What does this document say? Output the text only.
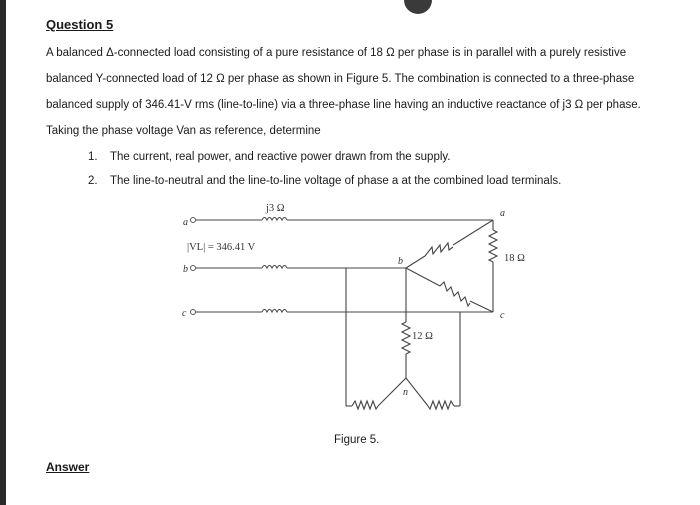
Question 5
A balanced Δ-connected load consisting of a pure resistance of 18 Ω per phase is in parallel with a purely resistive
balanced Y-connected load of 12 Ω per phase as shown in Figure 5. The combination is connected to a three-phase
balanced supply of 346.41-V rms (line-to-line) via a three-phase line having an inductive reactance of j3 Ω per phase.
Taking the phase voltage Van as reference, determine
1. The current, real power, and reactive power drawn from the supply.
2. The line-to-neutral and the line-to-line voltage of phase a at the combined load terminals.
j3 Ω
a
b
c
|VL| = 346.41 V
a
b
c
18 Ω
12 Ω
n
Figure 5.
Answer
